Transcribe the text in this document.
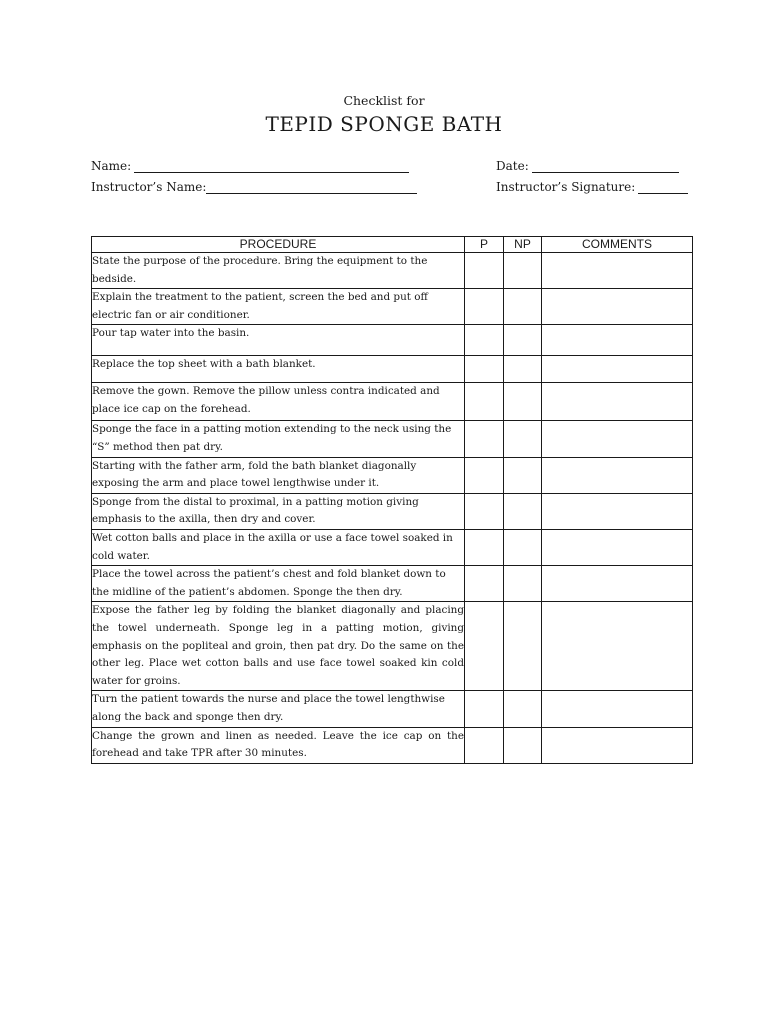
Checklist for
TEPID SPONGE BATH
Name:	Date:
Instructor’s Name:	Instructor’s Signature:
PROCEDURE	P	NP	COMMENTS
State the purpose of the procedure. Bring the equipment to the bedside.			
Explain the treatment to the patient, screen the bed and put off electric fan or air conditioner.			
Pour tap water into the basin.			
Replace the top sheet with a bath blanket.			
Remove the gown. Remove the pillow unless contra indicated and place ice cap on the forehead.			
Sponge the face in a patting motion extending to the neck using the “S” method then pat dry.			
Starting with the father arm, fold the bath blanket diagonally exposing the arm and place towel lengthwise under it.			
Sponge from the distal to proximal, in a patting motion giving emphasis to the axilla, then dry and cover.			
Wet cotton balls and place in the axilla or use a face towel soaked in cold water.			
Place the towel across the patient’s chest and fold blanket down to the midline of the patient’s abdomen. Sponge the then dry.			
Expose the father leg by folding the blanket diagonally and placing the towel underneath. Sponge leg in a patting motion, giving emphasis on the popliteal and groin, then pat dry. Do the same on the other leg. Place wet cotton balls and use face towel soaked kin cold water for groins.			
Turn the patient towards the nurse and place the towel lengthwise along the back and sponge then dry.			
Change the grown and linen as needed. Leave the ice cap on the forehead and take TPR after 30 minutes.			
